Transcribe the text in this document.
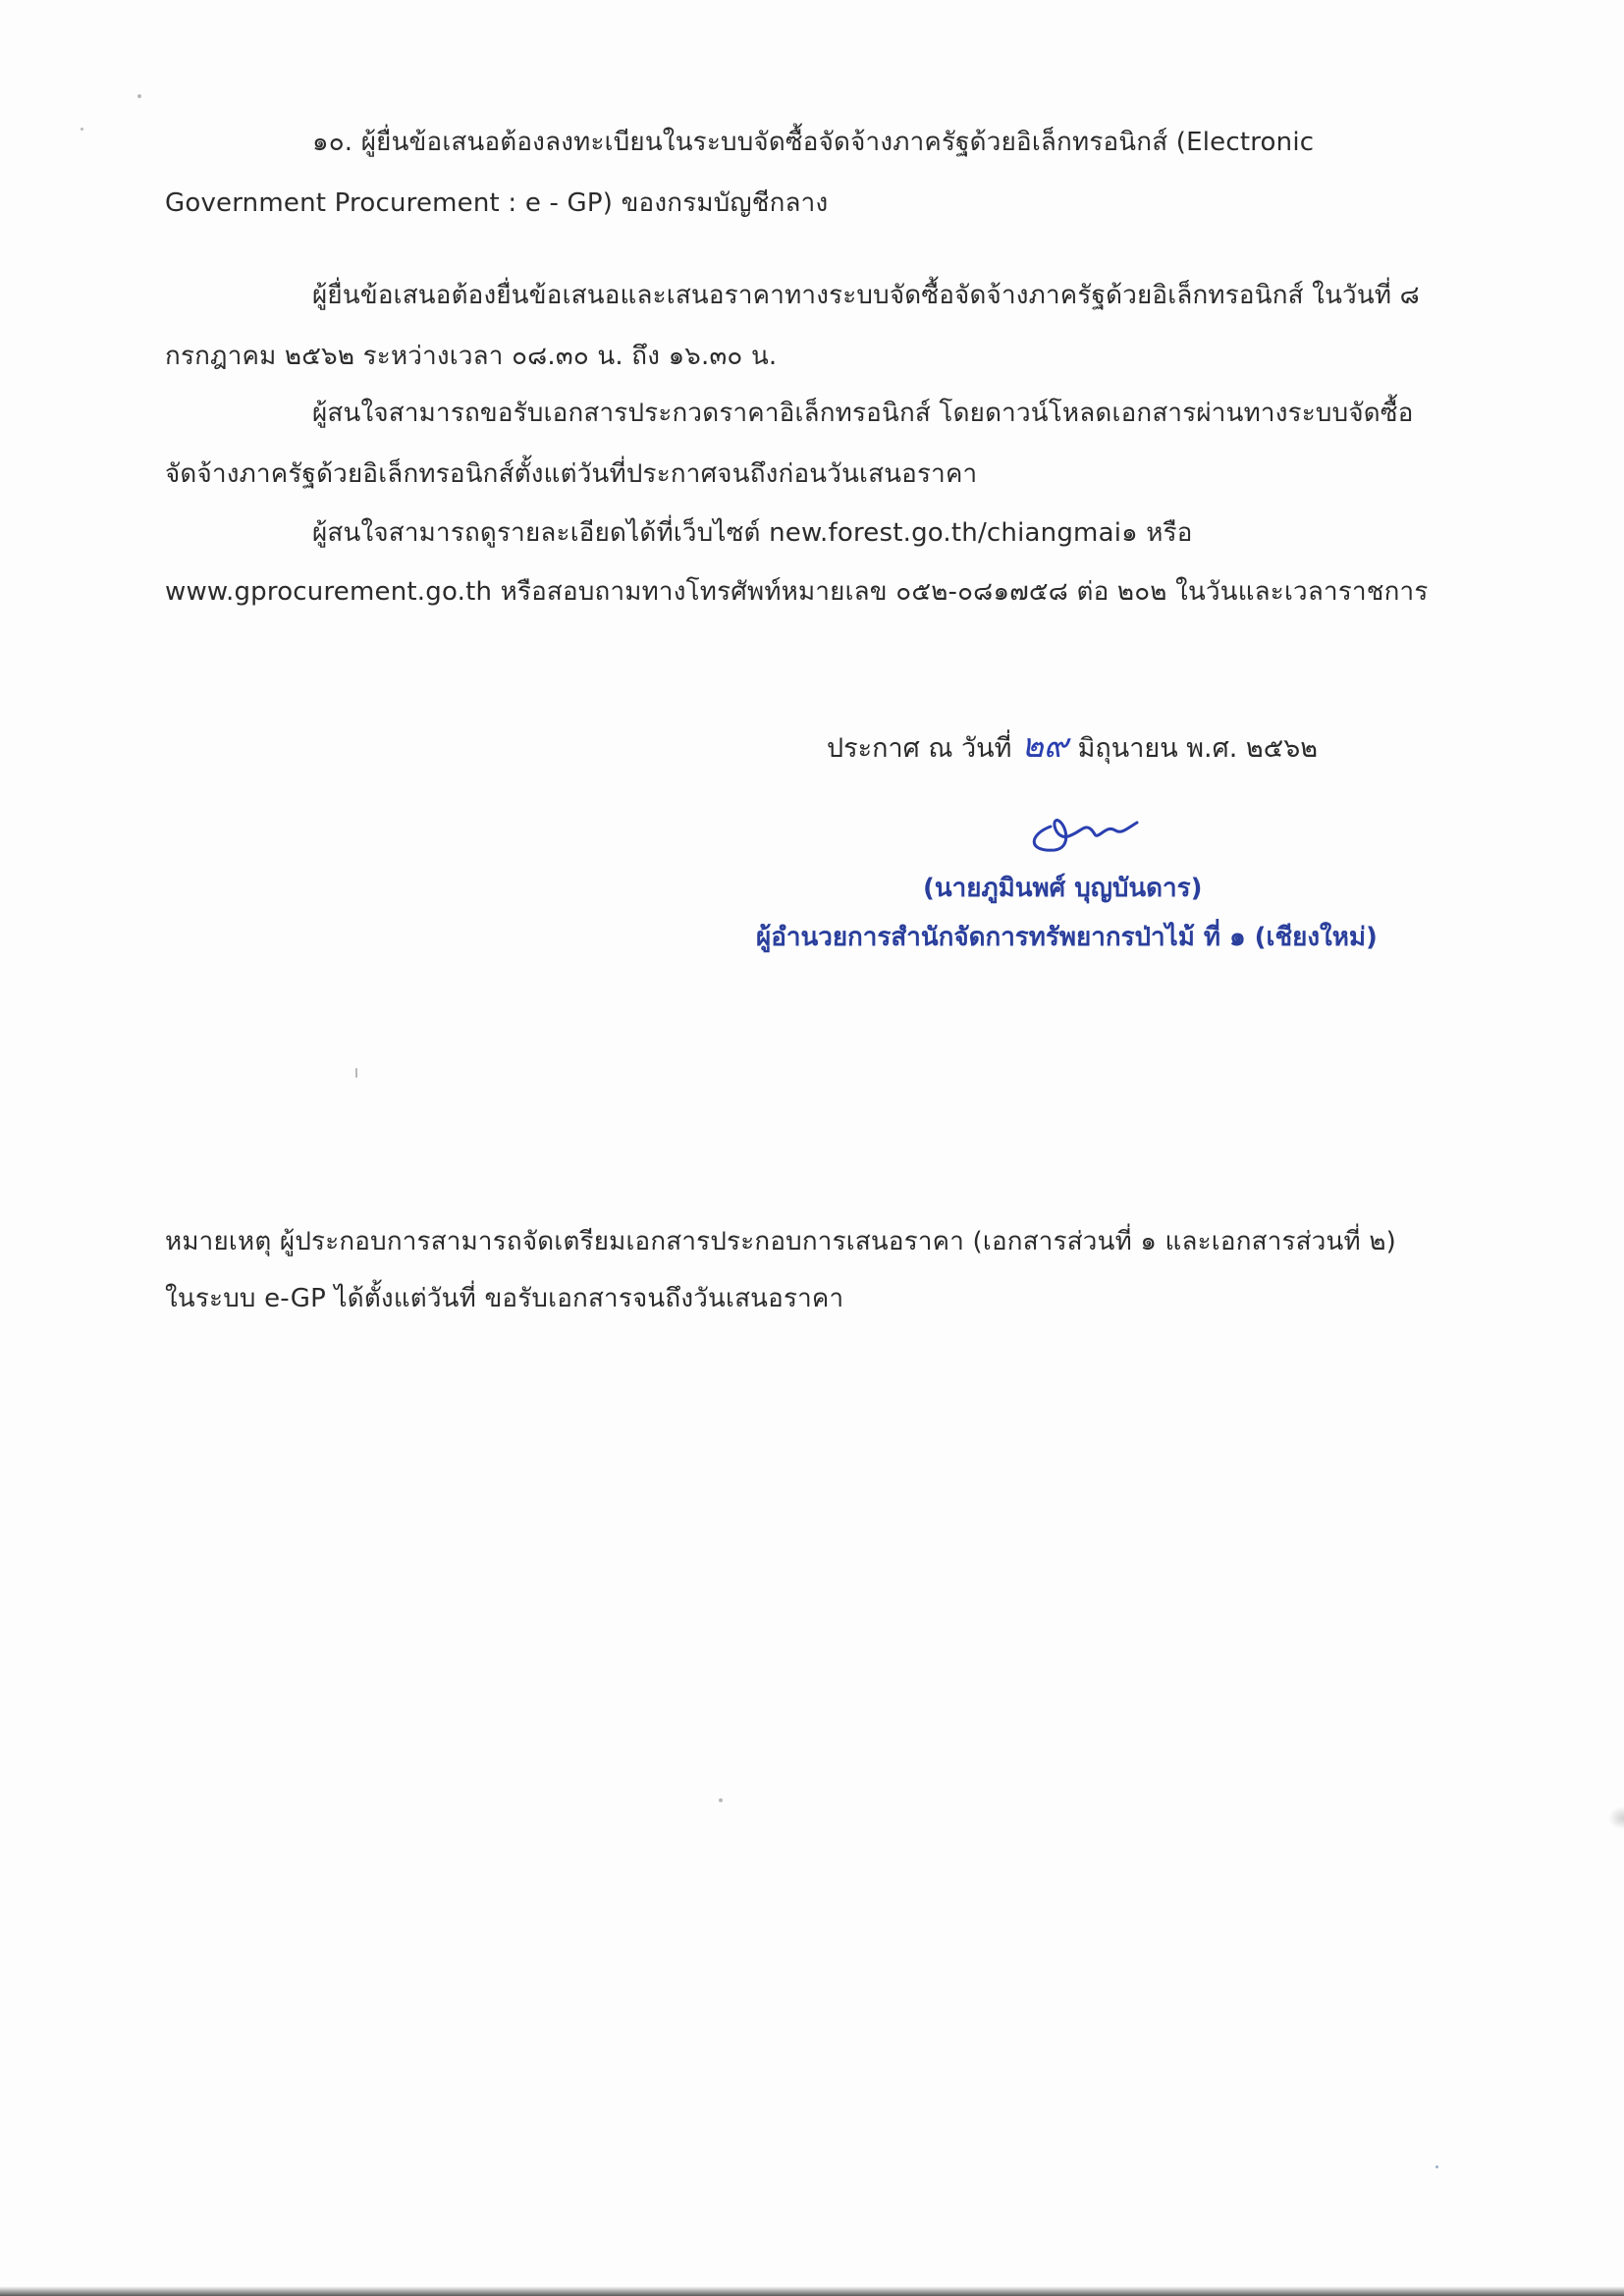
๑๐. ผู้ยื่นข้อเสนอต้องลงทะเบียนในระบบจัดซื้อจัดจ้างภาครัฐด้วยอิเล็กทรอนิกส์ (Electronic
Government Procurement : e - GP) ของกรมบัญชีกลาง
ผู้ยื่นข้อเสนอต้องยื่นข้อเสนอและเสนอราคาทางระบบจัดซื้อจัดจ้างภาครัฐด้วยอิเล็กทรอนิกส์ ในวันที่ ๘
กรกฎาคม ๒๕๖๒ ระหว่างเวลา ๐๘.๓๐ น. ถึง ๑๖.๓๐ น.
ผู้สนใจสามารถขอรับเอกสารประกวดราคาอิเล็กทรอนิกส์ โดยดาวน์โหลดเอกสารผ่านทางระบบจัดซื้อ
จัดจ้างภาครัฐด้วยอิเล็กทรอนิกส์ตั้งแต่วันที่ประกาศจนถึงก่อนวันเสนอราคา
ผู้สนใจสามารถดูรายละเอียดได้ที่เว็บไซต์ new.forest.go.th/chiangmai๑ หรือ
www.gprocurement.go.th หรือสอบถามทางโทรศัพท์หมายเลข ๐๕๒-๐๘๑๗๕๘ ต่อ ๒๐๒ ในวันและเวลาราชการ
ประกาศ ณ วันที่ ๒๙ มิถุนายน พ.ศ. ๒๕๖๒
(นายภูมินพศ์ บุญบันดาร)
ผู้อำนวยการสำนักจัดการทรัพยากรป่าไม้ ที่ ๑ (เชียงใหม่)
หมายเหตุ ผู้ประกอบการสามารถจัดเตรียมเอกสารประกอบการเสนอราคา (เอกสารส่วนที่ ๑ และเอกสารส่วนที่ ๒)
ในระบบ e-GP ได้ตั้งแต่วันที่ ขอรับเอกสารจนถึงวันเสนอราคา
